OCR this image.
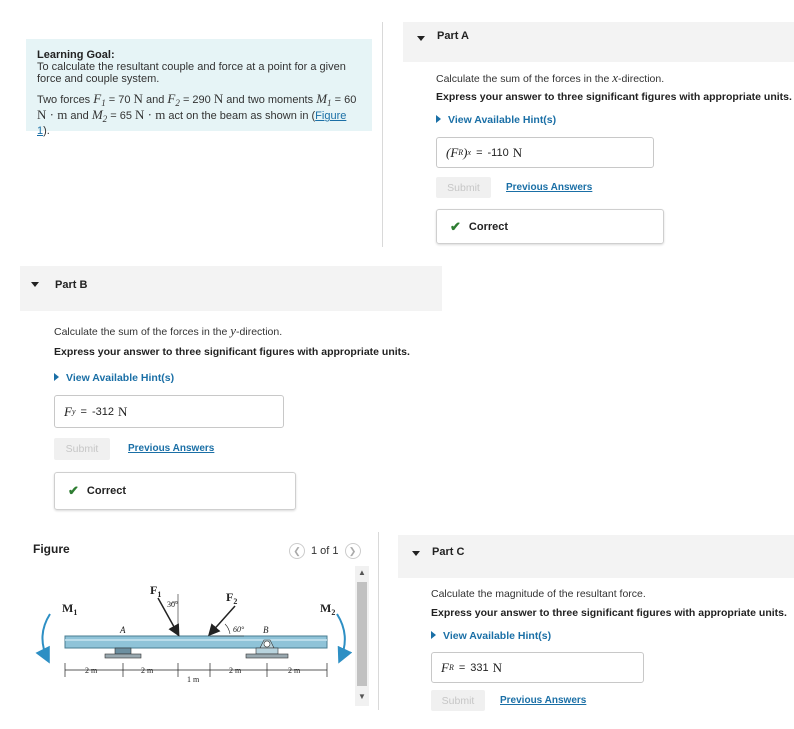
Learning Goal:
To calculate the resultant couple and force at a point for a given force and couple system.

Two forces $F_1 = 70$ N and $F_2 = 290$ N and two moments $M_1 = 60$ N · m and $M_2 = 65$ N · m act on the beam as shown in (Figure 1).

Part A
Calculate the sum of the forces in the x-direction.
Express your answer to three significant figures with appropriate units.
View Available Hint(s)
(F R ) x = -110 N
Submit	Previous Answers
✔ Correct
Part B
Calculate the sum of the forces in the y-direction.
Express your answer to three significant figures with appropriate units.
View Available Hint(s)
F y = -312 N
Submit	Previous Answers
✔ Correct
Figure	❮ 1 of 1	❯
▲
▼
$M_1$	$M_2$
$F_1$	$F_2$
30°
60°
A	B
2 m	2 m
1 m
2 m	2 m
Part C
Calculate the magnitude of the resultant force.
Express your answer to three significant figures with appropriate units.
View Available Hint(s)
F R = 331 N
Submit	Previous Answers
